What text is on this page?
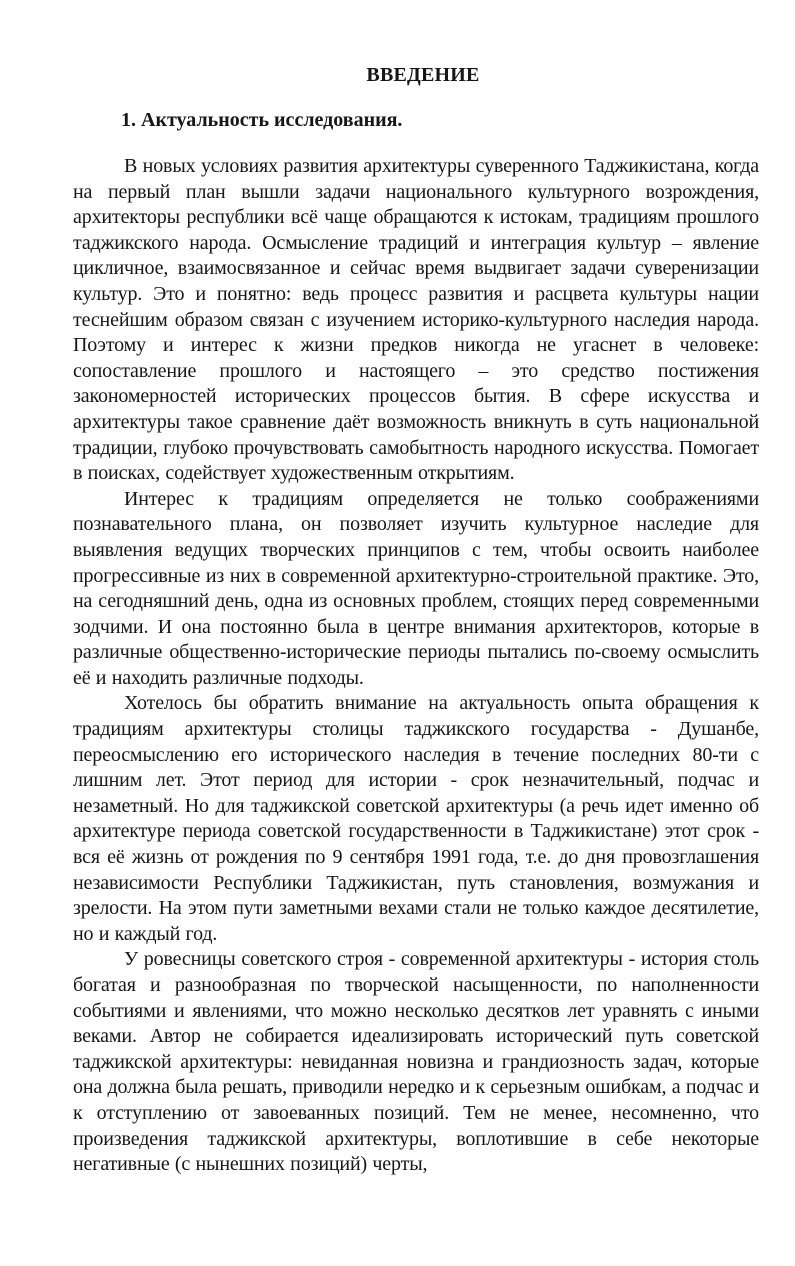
ВВЕДЕНИЕ
1. Актуальность исследования.

В новых условиях развития архитектуры суверенного Таджикистана, когда на первый план вышли задачи национального культурного возрождения, архитекторы республики всё чаще обращаются к истокам, традициям прошлого таджикского народа. Осмысление традиций и интеграция культур – явление цикличное, взаимосвязанное и сейчас время выдвигает задачи суверенизации культур. Это и понятно: ведь процесс развития и расцвета культуры нации теснейшим образом связан с изучением историко-культурного наследия народа. Поэтому и интерес к жизни предков никогда не угаснет в человеке: сопоставление прошлого и настоящего – это средство постижения закономерностей исторических процессов бытия. В сфере искусства и архитектуры такое сравнение даёт возможность вникнуть в суть национальной традиции, глубоко прочувствовать самобытность народного искусства. Помогает в поисках, содействует художественным открытиям.

Интерес к традициям определяется не только соображениями познавательного плана, он позволяет изучить культурное наследие для выявления ведущих творческих принципов с тем, чтобы освоить наиболее прогрессивные из них в современной архитектурно-строительной практике. Это, на сегодняшний день, одна из основных проблем, стоящих перед современными зодчими. И она постоянно была в центре внимания архитекторов, которые в различные общественно-исторические периоды пытались по-своему осмыслить её и находить различные подходы.

Хотелось бы обратить внимание на актуальность опыта обращения к традициям архитектуры столицы таджикского государства - Душанбе, переосмыслению его исторического наследия в течение последних 80-ти с лишним лет. Этот период для истории - срок незначительный, подчас и незаметный. Но для таджикской советской архитектуры (а речь идет именно об архитектуре периода советской государственности в Таджикистане) этот срок - вся её жизнь от рождения по 9 сентября 1991 года, т.е. до дня провозглашения независимости Республики Таджикистан, путь становления, возмужания и зрелости. На этом пути заметными вехами стали не только каждое десятилетие, но и каждый год.

У ровесницы советского строя - современной архитектуры - история столь богатая и разнообразная по творческой насыщенности, по наполненности событиями и явлениями, что можно несколько десятков лет уравнять с иными веками. Автор не собирается идеализировать исторический путь советской таджикской архитектуры: невиданная новизна и грандиозность задач, которые она должна была решать, приводили нередко и к серьезным ошибкам, а подчас и к отступлению от завоеванных позиций. Тем не менее, несомненно, что произведения таджикской архитектуры, воплотившие в себе некоторые негативные (с нынешних позиций) черты,
